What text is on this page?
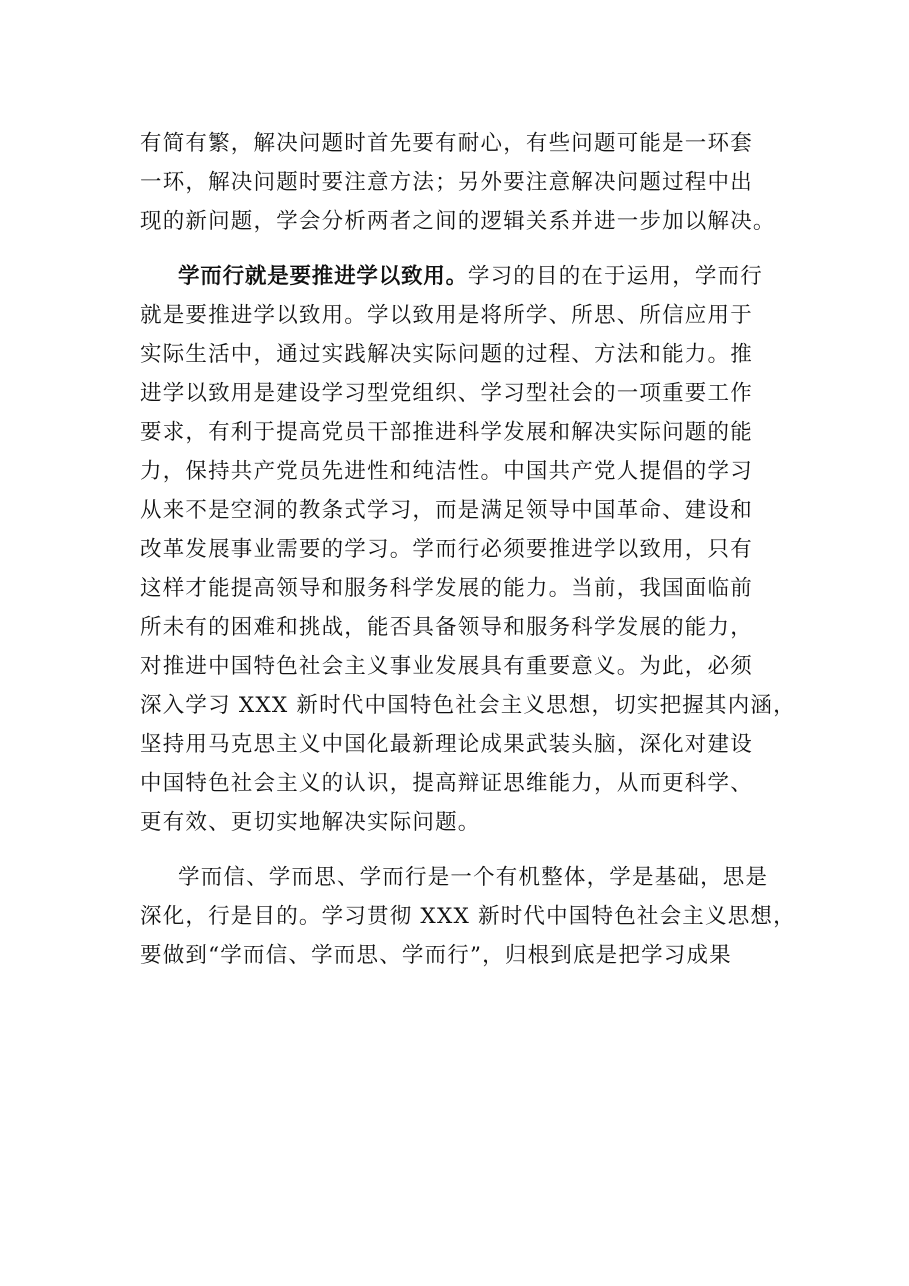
有简有繁，解决问题时首先要有耐心，有些问题可能是一环套
一环，解决问题时要注意方法；另外要注意解决问题过程中出
现的新问题，学会分析两者之间的逻辑关系并进一步加以解决。
学而行就是要推进学以致用。学习的目的在于运用，学而行
就是要推进学以致用。学以致用是将所学、所思、所信应用于
实际生活中，通过实践解决实际问题的过程、方法和能力。推
进学以致用是建设学习型党组织、学习型社会的一项重要工作
要求，有利于提高党员干部推进科学发展和解决实际问题的能
力，保持共产党员先进性和纯洁性。中国共产党人提倡的学习
从来不是空洞的教条式学习，而是满足领导中国革命、建设和
改革发展事业需要的学习。学而行必须要推进学以致用，只有
这样才能提高领导和服务科学发展的能力。当前，我国面临前
所未有的困难和挑战，能否具备领导和服务科学发展的能力，
对推进中国特色社会主义事业发展具有重要意义。为此，必须
深入学习 XXX 新时代中国特色社会主义思想，切实把握其内涵，
坚持用马克思主义中国化最新理论成果武装头脑，深化对建设
中国特色社会主义的认识，提高辩证思维能力，从而更科学、
更有效、更切实地解决实际问题。
学而信、学而思、学而行是一个有机整体，学是基础，思是
深化，行是目的。学习贯彻 XXX 新时代中国特色社会主义思想，
要做到“学而信、学而思、学而行”，归根到底是把学习成果
